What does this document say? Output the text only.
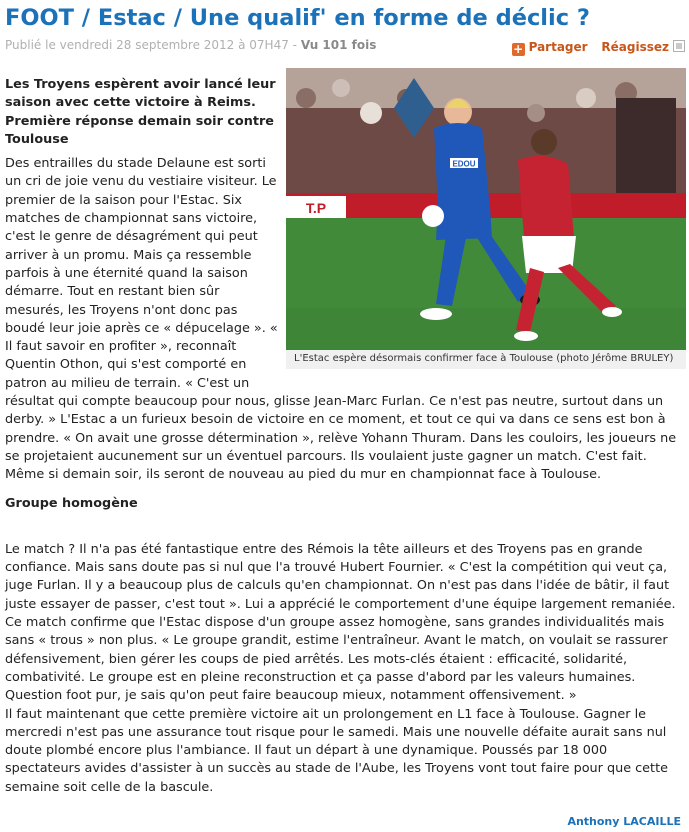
FOOT / Estac / Une qualif' en forme de déclic ?
Publié le vendredi 28 septembre 2012 à 07H47 - Vu 101 fois	+ Partager Réagissez
T.P
EDOU
L'Estac espère désormais confirmer face à Toulouse (photo Jérôme BRULEY)

Les Troyens espèrent avoir lancé leur saison avec cette victoire à Reims. Première réponse demain soir contre Toulouse

Des entrailles du stade Delaune est sorti un cri de joie venu du vestiaire visiteur. Le premier de la saison pour l'Estac. Six matches de championnat sans victoire, c'est le genre de désagrément qui peut arriver à un promu. Mais ça ressemble parfois à une éternité quand la saison démarre. Tout en restant bien sûr mesurés, les Troyens n'ont donc pas boudé leur joie après ce « dépucelage ». « Il faut savoir en profiter », reconnaît Quentin Othon, qui s'est comporté en patron au milieu de terrain. « C'est un résultat qui compte beaucoup pour nous, glisse Jean-Marc Furlan. Ce n'est pas neutre, surtout dans un derby. » L'Estac a un furieux besoin de victoire en ce moment, et tout ce qui va dans ce sens est bon à prendre. « On avait une grosse détermination », relève Yohann Thuram. Dans les couloirs, les joueurs ne se projetaient aucunement sur un éventuel parcours. Ils voulaient juste gagner un match. C'est fait. Même si demain soir, ils seront de nouveau au pied du mur en championnat face à Toulouse.

Groupe homogène

Le match ? Il n'a pas été fantastique entre des Rémois la tête ailleurs et des Troyens pas en grande confiance. Mais sans doute pas si nul que l'a trouvé Hubert Fournier. « C'est la compétition qui veut ça, juge Furlan. Il y a beaucoup plus de calculs qu'en championnat. On n'est pas dans l'idée de bâtir, il faut juste essayer de passer, c'est tout ». Lui a apprécié le comportement d'une équipe largement remaniée. Ce match confirme que l'Estac dispose d'un groupe assez homogène, sans grandes individualités mais sans « trous » non plus. « Le groupe grandit, estime l'entraîneur. Avant le match, on voulait se rassurer défensivement, bien gérer les coups de pied arrêtés. Les mots-clés étaient : efficacité, solidarité, combativité. Le groupe est en pleine reconstruction et ça passe d'abord par les valeurs humaines. Question foot pur, je sais qu'on peut faire beaucoup mieux, notamment offensivement. »

Il faut maintenant que cette première victoire ait un prolongement en L1 face à Toulouse. Gagner le mercredi n'est pas une assurance tout risque pour le samedi. Mais une nouvelle défaite aurait sans nul doute plombé encore plus l'ambiance. Il faut un départ à une dynamique. Poussés par 18 000 spectateurs avides d'assister à un succès au stade de l'Aube, les Troyens vont tout faire pour que cette semaine soit celle de la bascule.

Anthony LACAILLE
